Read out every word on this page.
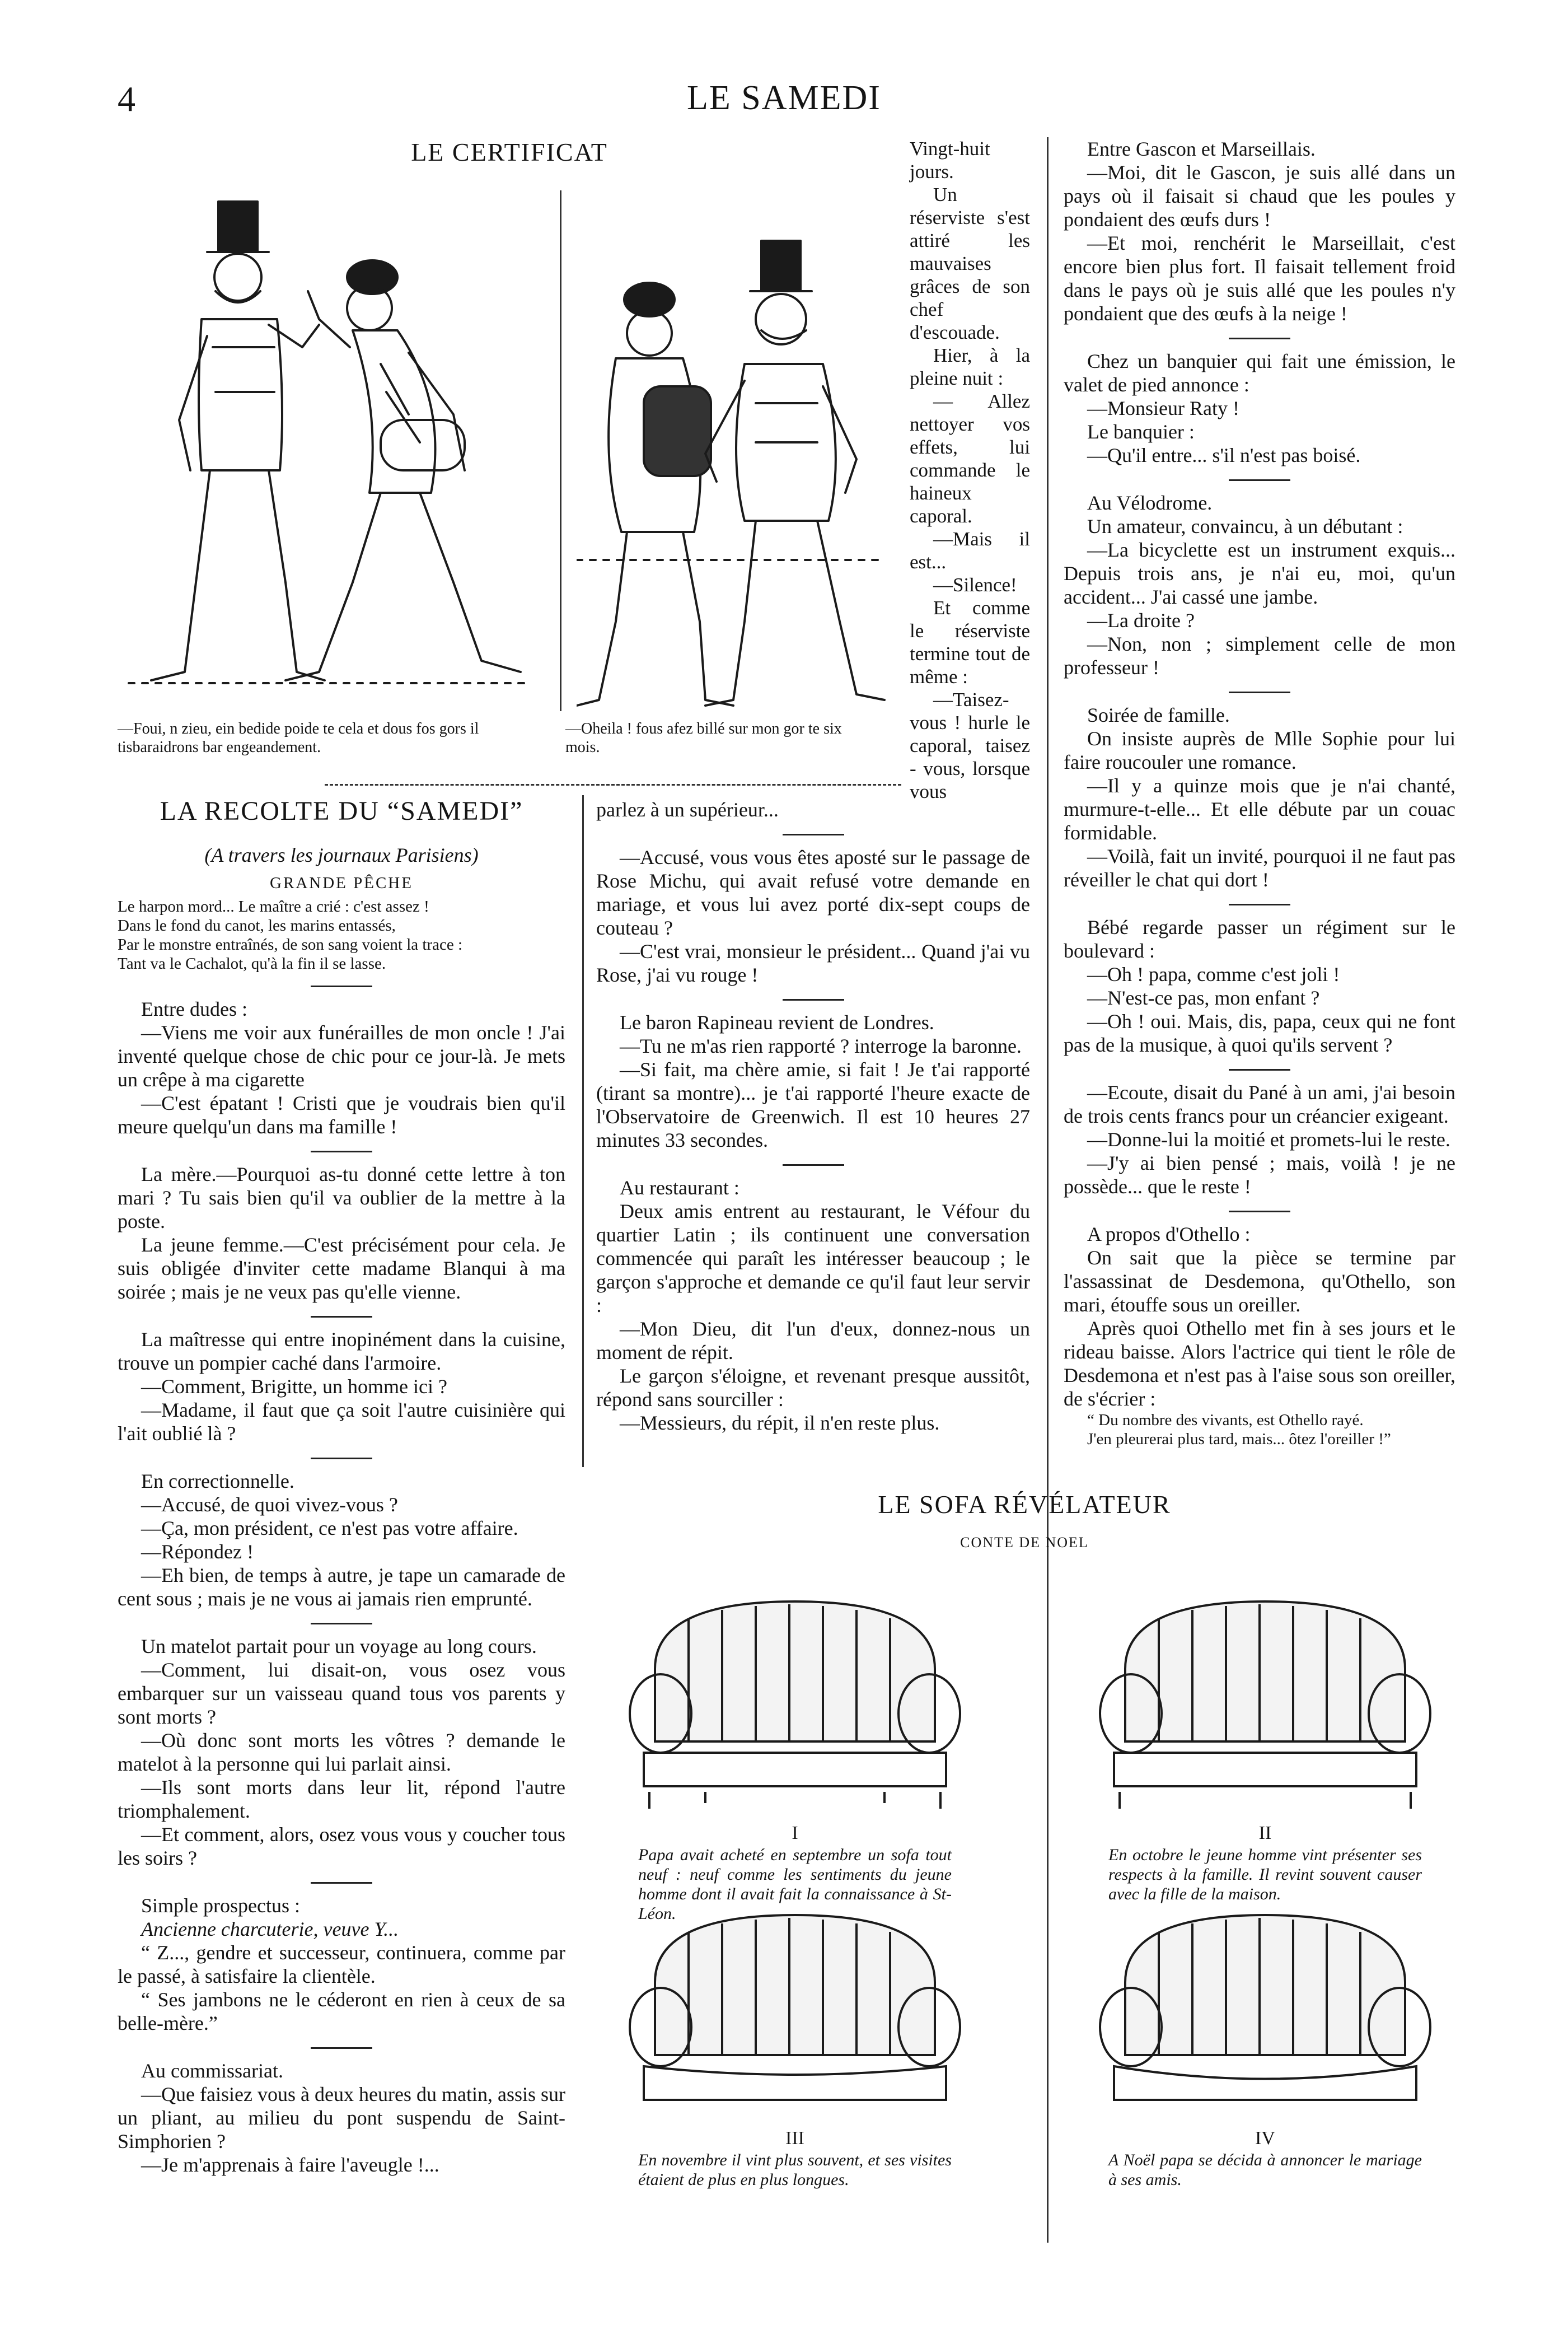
4	LE SAMEDI
LE CERTIFICAT
—Foui, n zieu, ein bedide poide te cela et dous fos gors il tisbaraidrons bar engeandement.
—Oheila ! fous afez billé sur mon gor te six mois.

Vingt-huit jours.

Un réserviste s'est attiré les mauvaises grâces de son chef d'escouade.

Hier, à la pleine nuit :

— Allez nettoyer vos effets, lui commande le haineux caporal.

—Mais il est...

—Silence!

Et comme le réserviste termine tout de même :

—Taisez-vous ! hurle le caporal, taisez - vous, lorsque vous

LA RECOLTE DU “SAMEDI”

(A travers les journaux Parisiens)

GRANDE PÊCHE

Le harpon mord... Le maître a crié : c'est assez !

Dans le fond du canot, les marins entassés,

Par le monstre entraînés, de son sang voient la trace :

Tant va le Cachalot, qu'à la fin il se lasse.

Entre dudes :

—Viens me voir aux funérailles de mon oncle ! J'ai inventé quelque chose de chic pour ce jour-là. Je mets un crêpe à ma cigarette

—C'est épatant ! Cristi que je voudrais bien qu'il meure quelqu'un dans ma famille !

La mère.—Pourquoi as-tu donné cette lettre à ton mari ? Tu sais bien qu'il va oublier de la mettre à la poste.

La jeune femme.—C'est précisément pour cela. Je suis obligée d'inviter cette madame Blanqui à ma soirée ; mais je ne veux pas qu'elle vienne.

La maîtresse qui entre inopinément dans la cuisine, trouve un pompier caché dans l'armoire.

—Comment, Brigitte, un homme ici ?

—Madame, il faut que ça soit l'autre cuisinière qui l'ait oublié là ?

En correctionnelle.

—Accusé, de quoi vivez-vous ?

—Ça, mon président, ce n'est pas votre affaire.

—Répondez !

—Eh bien, de temps à autre, je tape un camarade de cent sous ; mais je ne vous ai jamais rien emprunté.

Un matelot partait pour un voyage au long cours.

—Comment, lui disait-on, vous osez vous embarquer sur un vaisseau quand tous vos parents y sont morts ?

—Où donc sont morts les vôtres ? demande le matelot à la personne qui lui parlait ainsi.

—Ils sont morts dans leur lit, répond l'autre triomphalement.

—Et comment, alors, osez vous vous y coucher tous les soirs ?

Simple prospectus :

Ancienne charcuterie, veuve Y...

“ Z..., gendre et successeur, continuera, comme par le passé, à satisfaire la clientèle.

“ Ses jambons ne le céderont en rien à ceux de sa belle-mère.”

Au commissariat.

—Que faisiez vous à deux heures du matin, assis sur un pliant, au milieu du pont suspendu de Saint-Simphorien ?

—Je m'apprenais à faire l'aveugle !...

parlez à un supérieur...

—Accusé, vous vous êtes aposté sur le passage de Rose Michu, qui avait refusé votre demande en mariage, et vous lui avez porté dix-sept coups de couteau ?

—C'est vrai, monsieur le président... Quand j'ai vu Rose, j'ai vu rouge !

Le baron Rapineau revient de Londres.

—Tu ne m'as rien rapporté ? interroge la baronne.

—Si fait, ma chère amie, si fait ! Je t'ai rapporté (tirant sa montre)... je t'ai rapporté l'heure exacte de l'Observatoire de Greenwich. Il est 10 heures 27 minutes 33 secondes.

Au restaurant :

Deux amis entrent au restaurant, le Véfour du quartier Latin ; ils continuent une conversation commencée qui paraît les intéresser beaucoup ; le garçon s'approche et demande ce qu'il faut leur servir :

—Mon Dieu, dit l'un d'eux, donnez-nous un moment de répit.

Le garçon s'éloigne, et revenant presque aussitôt, répond sans sourciller :

—Messieurs, du répit, il n'en reste plus.

Entre Gascon et Marseillais.

—Moi, dit le Gascon, je suis allé dans un pays où il faisait si chaud que les poules y pondaient des œufs durs !

—Et moi, renchérit le Marseillait, c'est encore bien plus fort. Il faisait tellement froid dans le pays où je suis allé que les poules n'y pondaient que des œufs à la neige !

Chez un banquier qui fait une émission, le valet de pied annonce :

—Monsieur Raty !

Le banquier :

—Qu'il entre... s'il n'est pas boisé.

Au Vélodrome.

Un amateur, convaincu, à un débutant :

—La bicyclette est un instrument exquis... Depuis trois ans, je n'ai eu, moi, qu'un accident... J'ai cassé une jambe.

—La droite ?

—Non, non ; simplement celle de mon professeur !

Soirée de famille.

On insiste auprès de Mlle Sophie pour lui faire roucouler une romance.

—Il y a quinze mois que je n'ai chanté, murmure-t-elle... Et elle débute par un couac formidable.

—Voilà, fait un invité, pourquoi il ne faut pas réveiller le chat qui dort !

Bébé regarde passer un régiment sur le boulevard :

—Oh ! papa, comme c'est joli !

—N'est-ce pas, mon enfant ?

—Oh ! oui. Mais, dis, papa, ceux qui ne font pas de la musique, à quoi qu'ils servent ?

—Ecoute, disait du Pané à un ami, j'ai besoin de trois cents francs pour un créancier exigeant.

—Donne-lui la moitié et promets-lui le reste.

—J'y ai bien pensé ; mais, voilà ! je ne possède... que le reste !

A propos d'Othello :

On sait que la pièce se termine par l'assassinat de Desdemona, qu'Othello, son mari, étouffe sous un oreiller.

Après quoi Othello met fin à ses jours et le rideau baisse. Alors l'actrice qui tient le rôle de Desdemona et n'est pas à l'aise sous son oreiller, de s'écrier :

“ Du nombre des vivants, est Othello rayé.

J'en pleurerai plus tard, mais... ôtez l'oreiller !”

LE SOFA RÉVÉLATEUR
CONTE DE NOEL
I
Papa avait acheté en septembre un sofa tout neuf : neuf comme les sentiments du jeune homme dont il avait fait la connaissance à St-Léon.
II
En octobre le jeune homme vint présenter ses respects à la famille. Il revint souvent causer avec la fille de la maison.
III
En novembre il vint plus souvent, et ses visites étaient de plus en plus longues.
IV
A Noël papa se décida à annoncer le mariage à ses amis.
